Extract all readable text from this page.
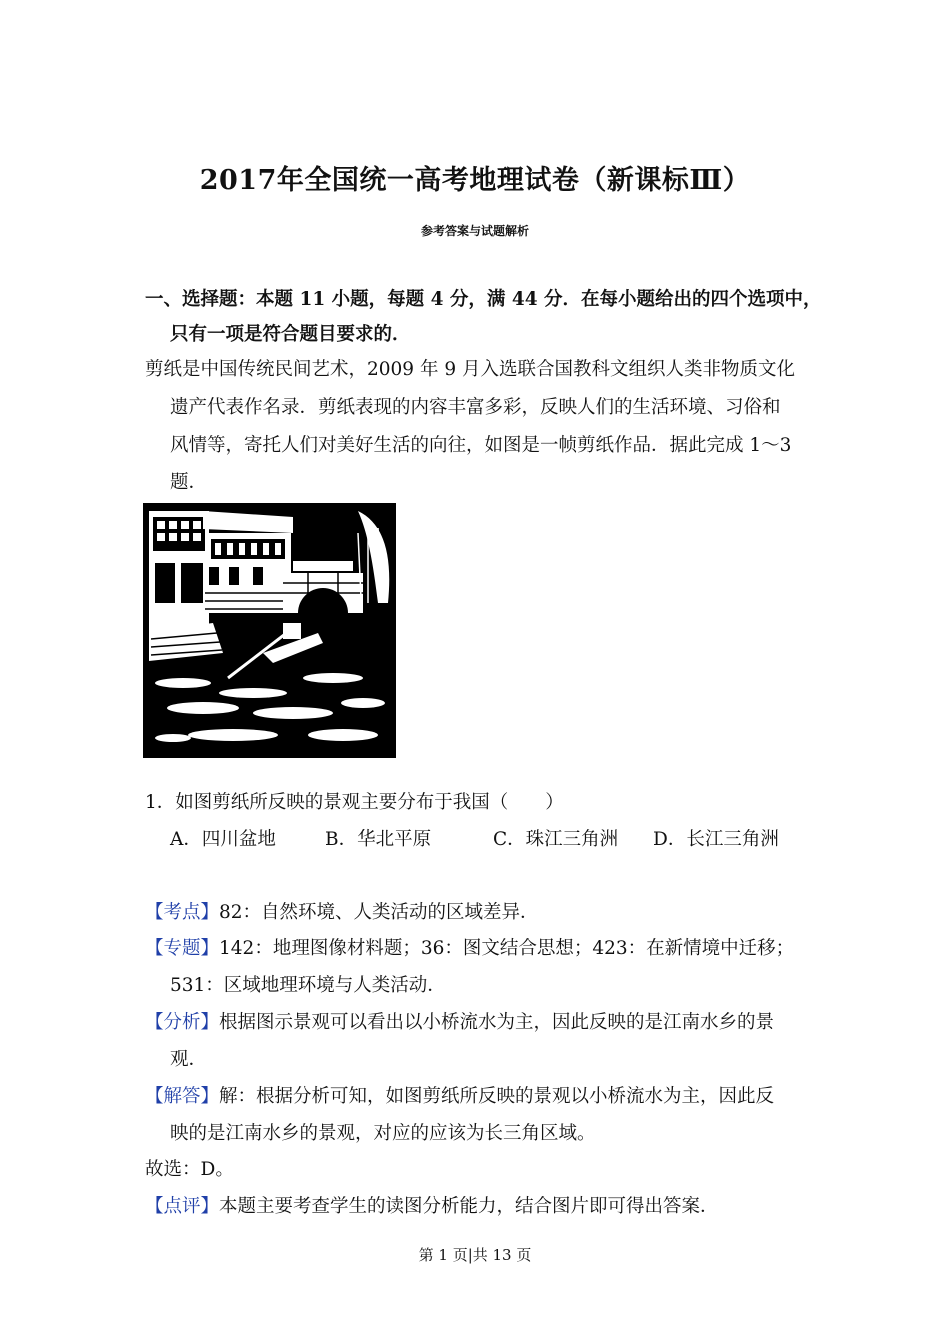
2017年全国统一高考地理试卷（新课标Ⅲ）
参考答案与试题解析
一、选择题：本题 11 小题，每题 4 分，满 44 分．在每小题给出的四个选项中，
只有一项是符合题目要求的．
剪纸是中国传统民间艺术，2009 年 9 月入选联合国教科文组织人类非物质文化
遗产代表作名录．剪纸表现的内容丰富多彩，反映人们的生活环境、习俗和
风情等，寄托人们对美好生活的向往，如图是一帧剪纸作品．据此完成 1～3
题．
1．如图剪纸所反映的景观主要分布于我国（　　）
A．四川盆地	B．华北平原	C．珠江三角洲 D．长江三角洲
【考点】82：自然环境、人类活动的区域差异．
【专题】142：地理图像材料题；36：图文结合思想；423：在新情境中迁移；
531：区域地理环境与人类活动．
【分析】根据图示景观可以看出以小桥流水为主，因此反映的是江南水乡的景
观．
【解答】解：根据分析可知，如图剪纸所反映的景观以小桥流水为主，因此反
映的是江南水乡的景观，对应的应该为长三角区域。
故选：D。
【点评】本题主要考查学生的读图分析能力，结合图片即可得出答案．
第 1 页|共 13 页
